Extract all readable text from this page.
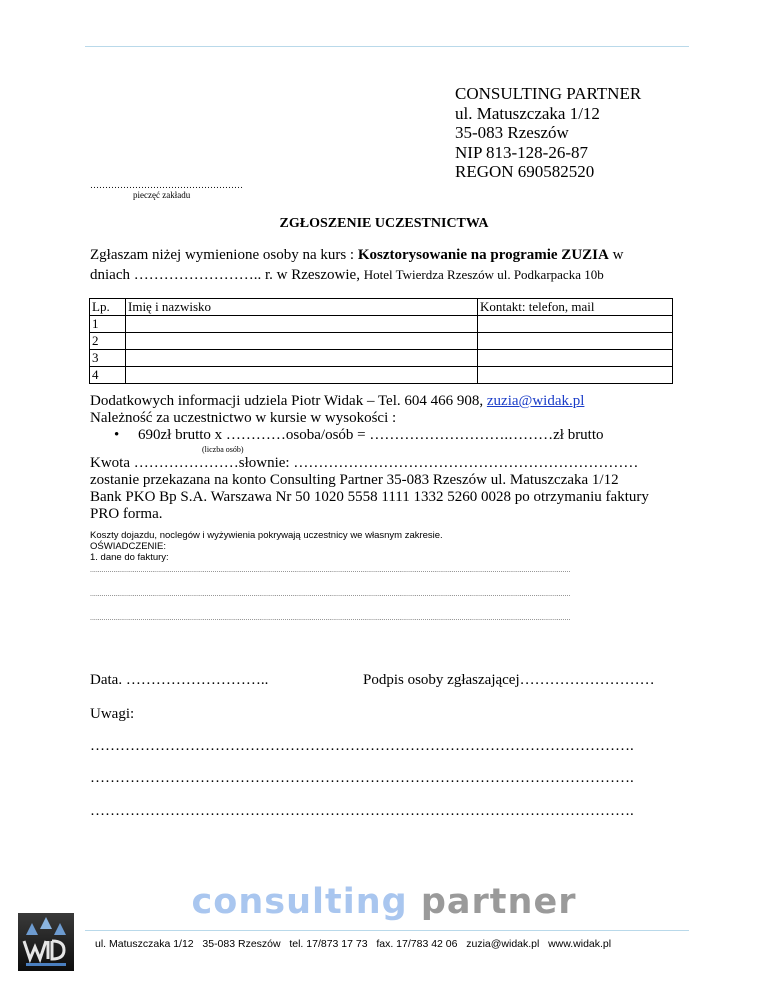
CONSULTING PARTNER
ul. Matuszczaka 1/12
35-083 Rzeszów
NIP 813-128-26-87
REGON 690582520
……………………………………………
pieczęć zakładu
ZGŁOSZENIE UCZESTNICTWA
Zgłaszam niżej wymienione osoby na kurs : Kosztorysowanie na programie ZUZIA w
dniach …………………….. r. w Rzeszowie, Hotel Twierdza Rzeszów ul. Podkarpacka 10b
Lp.	Imię i nazwisko	Kontakt: telefon, mail
1		
2		
3		
4		
Dodatkowych informacji udziela Piotr Widak – Tel. 604 466 908, zuzia@widak.pl
Należność za uczestnictwo w kursie w wysokości :
• 690zł brutto x …………osoba/osób = ……………………….………zł brutto
(liczba osób)
Kwota …………………słownie: ……………………………………………………………
zostanie przekazana na konto Consulting Partner 35-083 Rzeszów ul. Matuszczaka 1/12
Bank PKO Bp S.A. Warszawa Nr 50 1020 5558 1111 1332 5260 0028 po otrzymaniu faktury
PRO forma.
Koszty dojazdu, noclegów i wyżywienia pokrywają uczestnicy we własnym zakresie.
OŚWIADCZENIE:
1. dane do faktury:
.......................................................................................................................................................................................................................................................
.......................................................................................................................................................................................................................................................
.......................................................................................................................................................................................................................................................
Data. ………………………..	Podpis osoby zgłaszającej………………………
Uwagi:
……………………………………………………………………………………………….
……………………………………………………………………………………………….
……………………………………………………………………………………………….
consulting partner
ul. Matuszczaka 1/12   35-083 Rzeszów   tel. 17/873 17 73   fax. 17/783 42 06   zuzia@widak.pl   www.widak.pl
